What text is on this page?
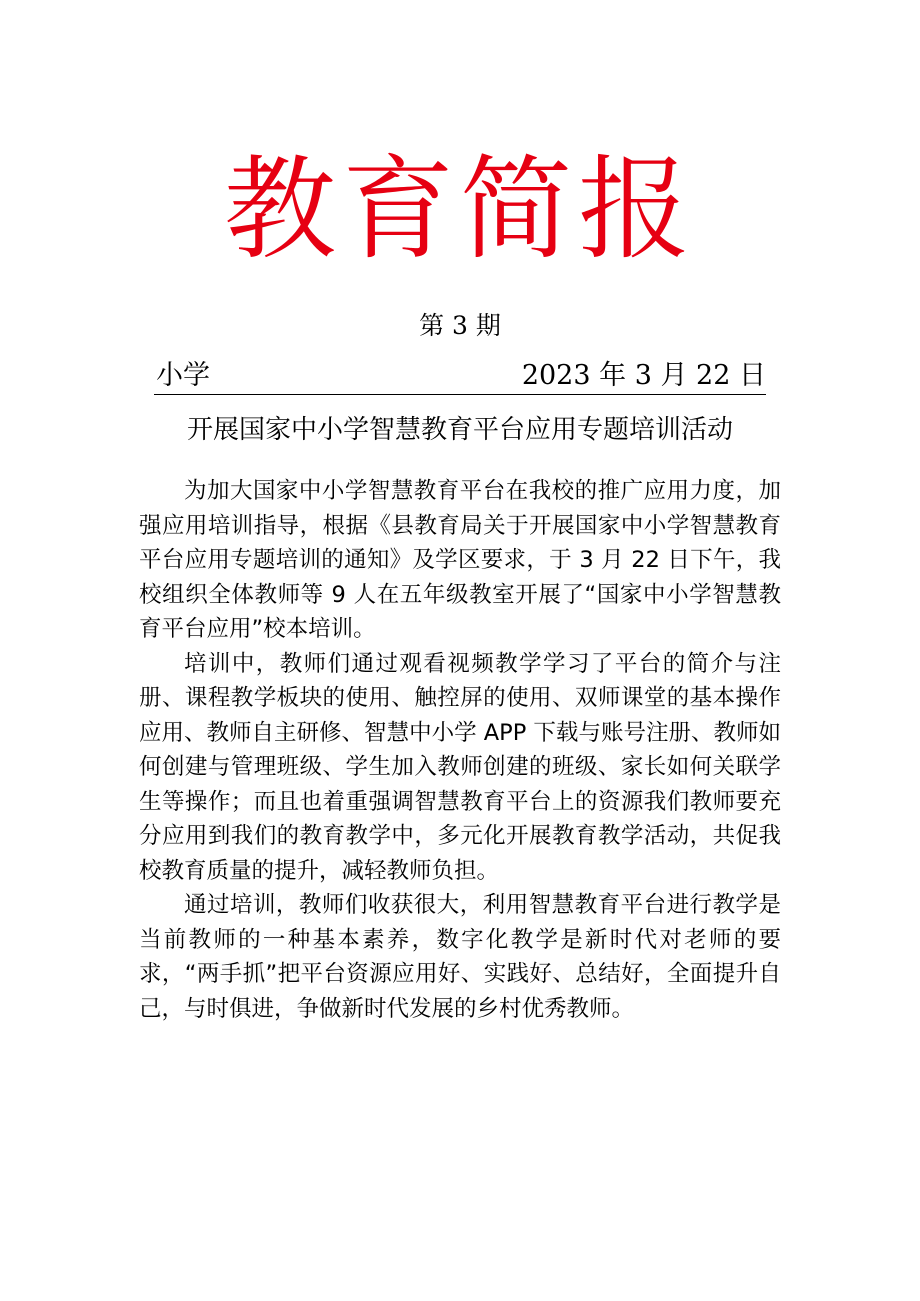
教育简报
第 3 期
小学	2023 年 3 月 22 日
开展国家中小学智慧教育平台应用专题培训活动

为加大国家中小学智慧教育平台在我校的推广应用力度，加强应用培训指导，根据《县教育局关于开展国家中小学智慧教育平台应用专题培训的通知》及学区要求，于 3 月 22 日下午，我校组织全体教师等 9 人在五年级教室开展了“国家中小学智慧教育平台应用”校本培训。

培训中，教师们通过观看视频教学学习了平台的简介与注册、课程教学板块的使用、触控屏的使用、双师课堂的基本操作应用、教师自主研修、智慧中小学 APP 下载与账号注册、教师如何创建与管理班级、学生加入教师创建的班级、家长如何关联学生等操作；而且也着重强调智慧教育平台上的资源我们教师要充分应用到我们的教育教学中，多元化开展教育教学活动，共促我校教育质量的提升，减轻教师负担。

通过培训，教师们收获很大，利用智慧教育平台进行教学是当前教师的一种基本素养，数字化教学是新时代对老师的要求，“两手抓”把平台资源应用好、实践好、总结好，全面提升自己，与时俱进，争做新时代发展的乡村优秀教师。
